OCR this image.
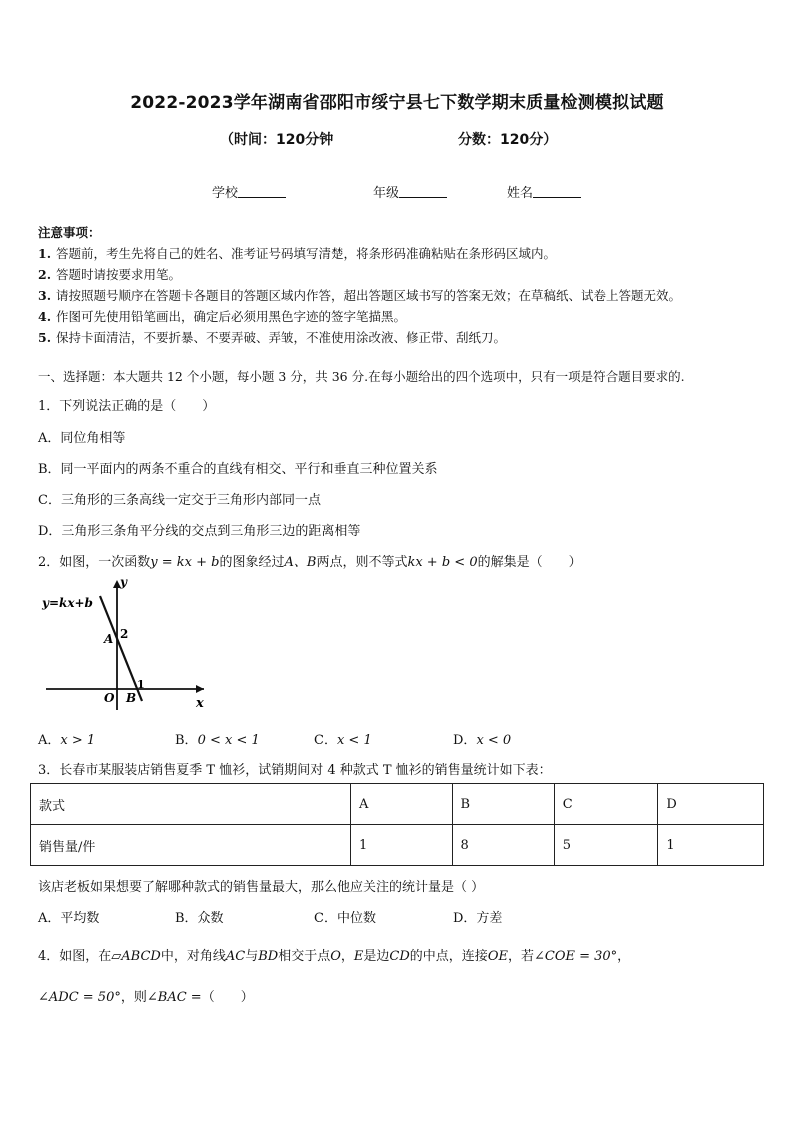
2022-2023学年湖南省邵阳市绥宁县七下数学期末质量检测模拟试题
（时间：120分钟	分数：120分）
学校	年级	姓名
注意事项：
1. 答题前，考生先将自己的姓名、准考证号码填写清楚，将条形码准确粘贴在条形码区域内。
2. 答题时请按要求用笔。
3. 请按照题号顺序在答题卡各题目的答题区域内作答，超出答题区域书写的答案无效；在草稿纸、试卷上答题无效。
4. 作图可先使用铅笔画出，确定后必须用黑色字迹的签字笔描黑。
5. 保持卡面清洁，不要折暴、不要弄破、弄皱，不准使用涂改液、修正带、刮纸刀。
一、选择题：本大题共 12 个小题，每小题 3 分，共 36 分.在每小题给出的四个选项中，只有一项是符合题目要求的.
1．下列说法正确的是（　　）
A．同位角相等
B．同一平面内的两条不重合的直线有相交、平行和垂直三种位置关系
C．三角形的三条高线一定交于三角形内部同一点
D．三角形三条角平分线的交点到三角形三边的距离相等
2．如图，一次函数y = kx + b的图象经过A、B两点，则不等式kx + b < 0的解集是（　　）
y=kx+b
y
x
O
A
B
2
1
A．x > 1	B．0 < x < 1	C．x < 1	D．x < 0
3．长春市某服装店销售夏季 T 恤衫，试销期间对 4 种款式 T 恤衫的销售量统计如下表：
款式	A	B	C	D
销售量/件	1	8	5	1
该店老板如果想要了解哪种款式的销售量最大，那么他应关注的统计量是（ ）
A．平均数	B．众数	C．中位数	D．方差
4．如图，在▱ABCD中，对角线AC与BD相交于点O，E是边CD的中点，连接OE，若∠COE = 30°，
∠ADC = 50°，则∠BAC =（　　）
